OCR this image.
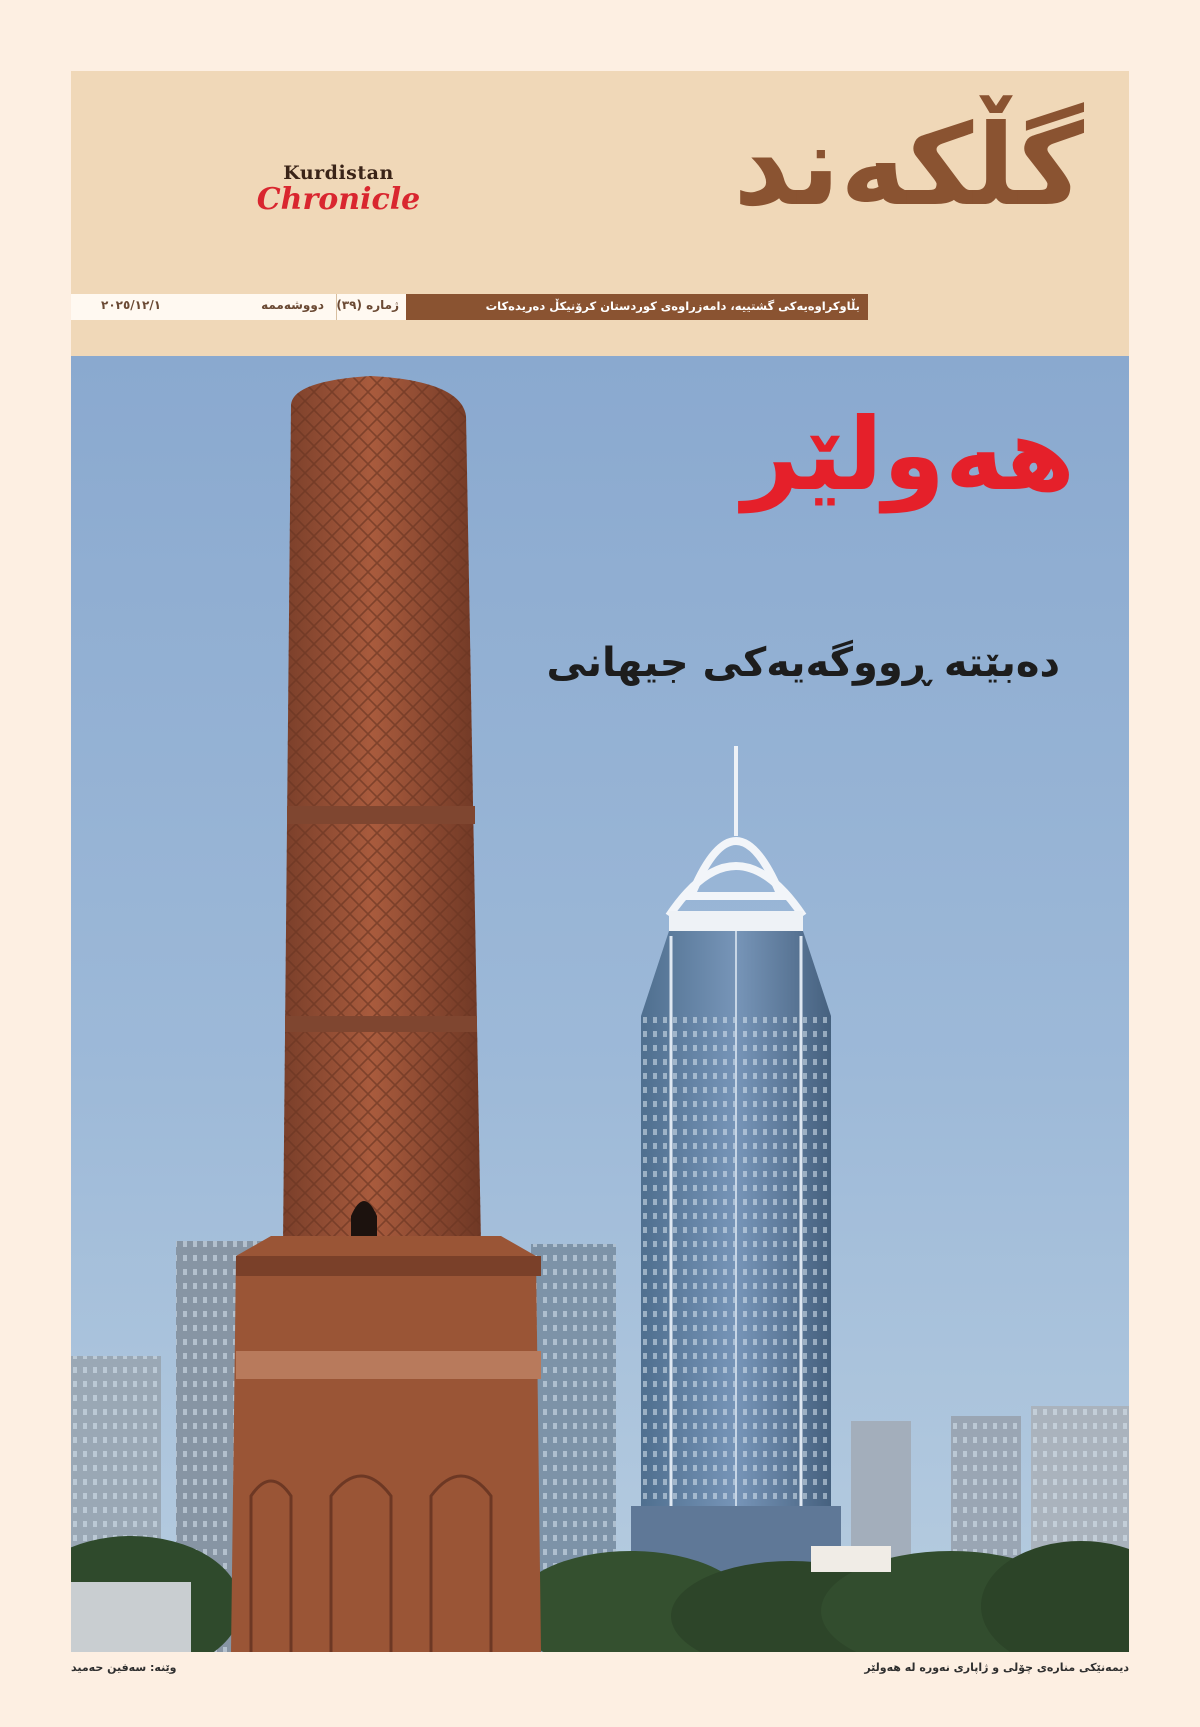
Kurdistan
Chronicle	گڵکەند
دووشەممە
٢٠٢٥/١٢/١	ژمارە (٣٩)	بڵاوکراوەیەکی گشتییە، دامەزراوەی کوردستان کرۆنیکڵ دەریدەکات
هەولێر
دەبێتە ڕووگەیەکی جیهانی
دیمەنێکی منارەی چۆلی و ژاپاری نەورە لە هەولێر
وێنە: سەفین حەمید
